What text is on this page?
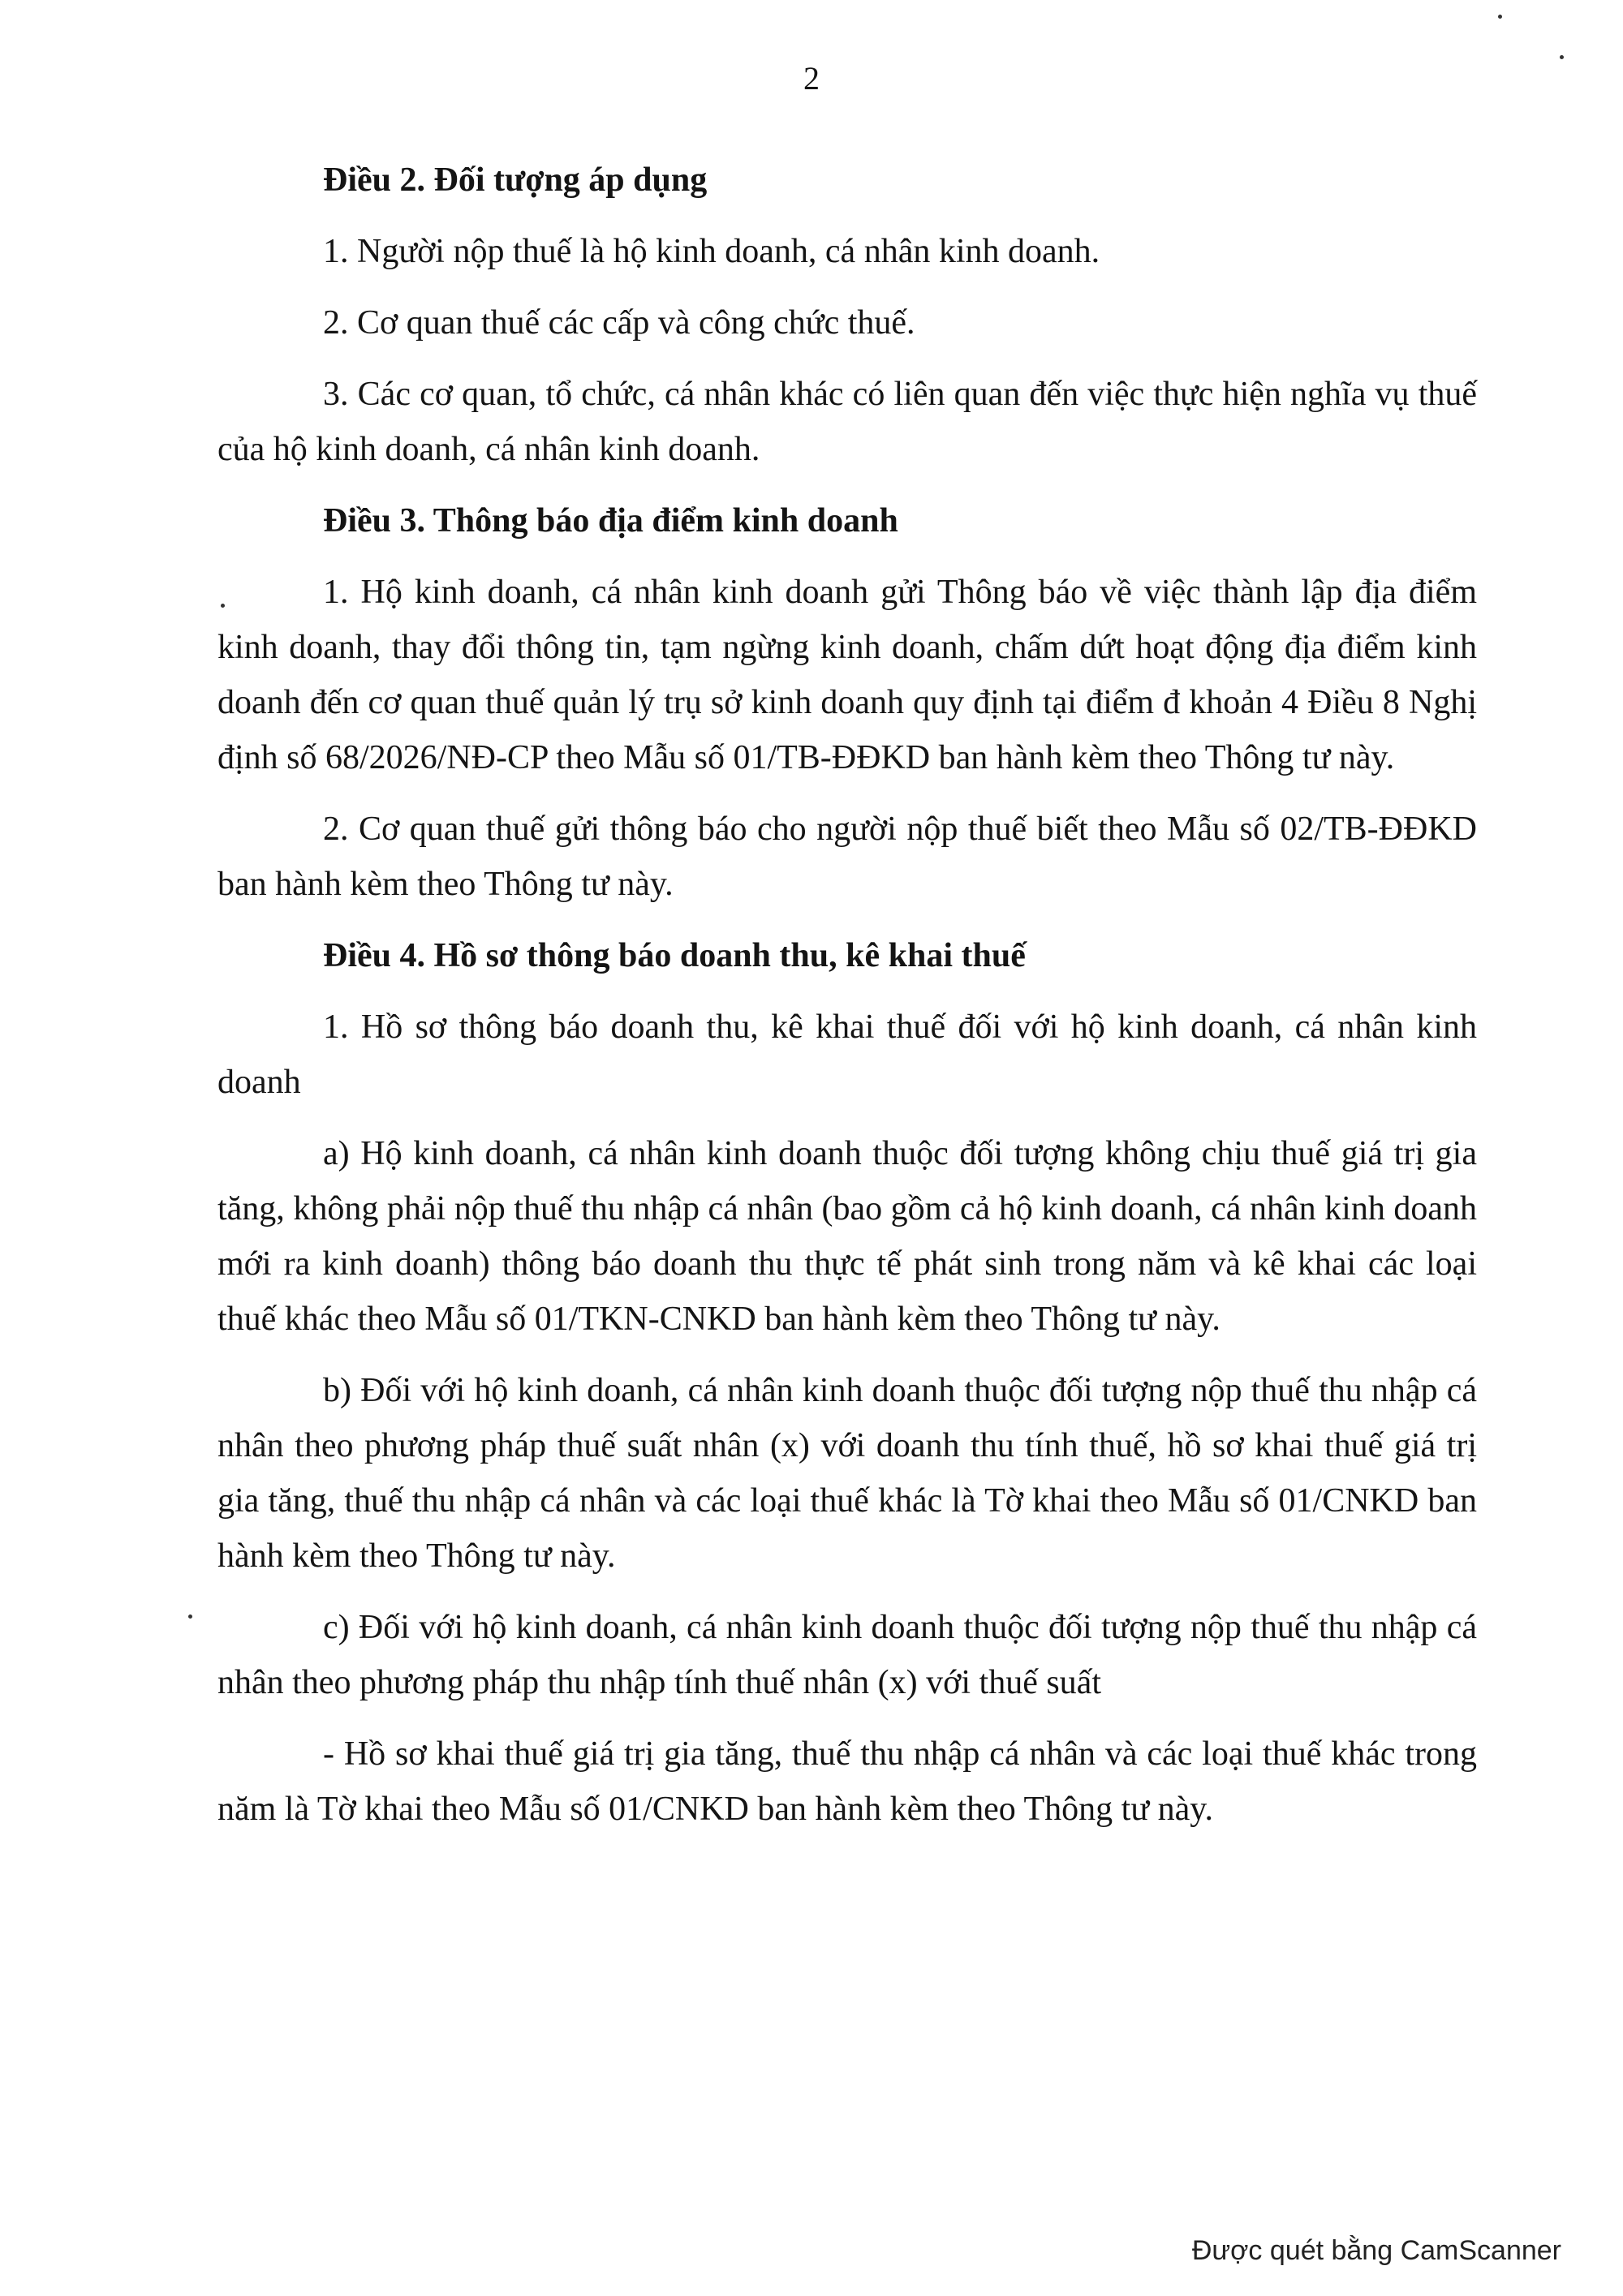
2

Điều 2. Đối tượng áp dụng

1. Người nộp thuế là hộ kinh doanh, cá nhân kinh doanh.

2. Cơ quan thuế các cấp và công chức thuế.

3. Các cơ quan, tổ chức, cá nhân khác có liên quan đến việc thực hiện nghĩa vụ thuế của hộ kinh doanh, cá nhân kinh doanh.

Điều 3. Thông báo địa điểm kinh doanh

1. Hộ kinh doanh, cá nhân kinh doanh gửi Thông báo về việc thành lập địa điểm kinh doanh, thay đổi thông tin, tạm ngừng kinh doanh, chấm dứt hoạt động địa điểm kinh doanh đến cơ quan thuế quản lý trụ sở kinh doanh quy định tại điểm đ khoản 4 Điều 8 Nghị định số 68/2026/NĐ-CP theo Mẫu số 01/TB-ĐĐKD ban hành kèm theo Thông tư này.

2. Cơ quan thuế gửi thông báo cho người nộp thuế biết theo Mẫu số 02/TB-ĐĐKD ban hành kèm theo Thông tư này.

Điều 4. Hồ sơ thông báo doanh thu, kê khai thuế

1. Hồ sơ thông báo doanh thu, kê khai thuế đối với hộ kinh doanh, cá nhân kinh doanh

a) Hộ kinh doanh, cá nhân kinh doanh thuộc đối tượng không chịu thuế giá trị gia tăng, không phải nộp thuế thu nhập cá nhân (bao gồm cả hộ kinh doanh, cá nhân kinh doanh mới ra kinh doanh) thông báo doanh thu thực tế phát sinh trong năm và kê khai các loại thuế khác theo Mẫu số 01/TKN-CNKD ban hành kèm theo Thông tư này.

b) Đối với hộ kinh doanh, cá nhân kinh doanh thuộc đối tượng nộp thuế thu nhập cá nhân theo phương pháp thuế suất nhân (x) với doanh thu tính thuế, hồ sơ khai thuế giá trị gia tăng, thuế thu nhập cá nhân và các loại thuế khác là Tờ khai theo Mẫu số 01/CNKD ban hành kèm theo Thông tư này.

c) Đối với hộ kinh doanh, cá nhân kinh doanh thuộc đối tượng nộp thuế thu nhập cá nhân theo phương pháp thu nhập tính thuế nhân (x) với thuế suất

- Hồ sơ khai thuế giá trị gia tăng, thuế thu nhập cá nhân và các loại thuế khác trong năm là Tờ khai theo Mẫu số 01/CNKD ban hành kèm theo Thông tư này.

Được quét bằng CamScanner
